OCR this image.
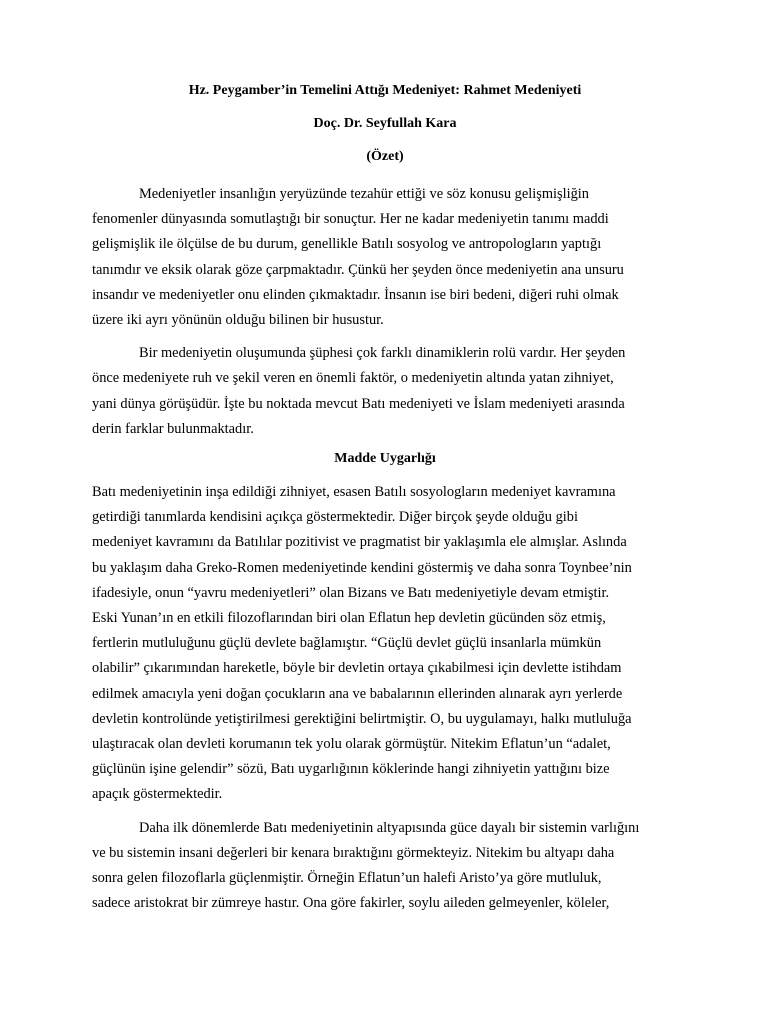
Hz. Peygamber’in Temelini Attığı Medeniyet: Rahmet Medeniyeti

Doç. Dr. Seyfullah Kara

(Özet)

Medeniyetler insanlığın yeryüzünde tezahür ettiği ve söz konusu gelişmişliğin
fenomenler dünyasında somutlaştığı bir sonuçtur. Her ne kadar medeniyetin tanımı maddi
gelişmişlik ile ölçülse de bu durum, genellikle Batılı sosyolog ve antropologların yaptığı
tanımdır ve eksik olarak göze çarpmaktadır. Çünkü her şeyden önce medeniyetin ana unsuru
insandır ve medeniyetler onu elinden çıkmaktadır. İnsanın ise biri bedeni, diğeri ruhi olmak
üzere iki ayrı yönünün olduğu bilinen bir husustur.

Bir medeniyetin oluşumunda şüphesi çok farklı dinamiklerin rolü vardır. Her şeyden
önce medeniyete ruh ve şekil veren en önemli faktör, o medeniyetin altında yatan zihniyet,
yani dünya görüşüdür. İşte bu noktada mevcut Batı medeniyeti ve İslam medeniyeti arasında
derin farklar bulunmaktadır.

Madde Uygarlığı

Batı medeniyetinin inşa edildiği zihniyet, esasen Batılı sosyologların medeniyet kavramına
getirdiği tanımlarda kendisini açıkça göstermektedir. Diğer birçok şeyde olduğu gibi
medeniyet kavramını da Batılılar pozitivist ve pragmatist bir yaklaşımla ele almışlar. Aslında
bu yaklaşım daha Greko-Romen medeniyetinde kendini göstermiş ve daha sonra Toynbee’nin
ifadesiyle, onun “yavru medeniyetleri” olan Bizans ve Batı medeniyetiyle devam etmiştir.
Eski Yunan’ın en etkili filozoflarından biri olan Eflatun hep devletin gücünden söz etmiş,
fertlerin mutluluğunu güçlü devlete bağlamıştır. “Güçlü devlet güçlü insanlarla mümkün
olabilir” çıkarımından hareketle, böyle bir devletin ortaya çıkabilmesi için devlette istihdam
edilmek amacıyla yeni doğan çocukların ana ve babalarının ellerinden alınarak ayrı yerlerde
devletin kontrolünde yetiştirilmesi gerektiğini belirtmiştir. O, bu uygulamayı, halkı mutluluğa
ulaştıracak olan devleti korumanın tek yolu olarak görmüştür. Nitekim Eflatun’un “adalet,
güçlünün işine gelendir” sözü, Batı uygarlığının köklerinde hangi zihniyetin yattığını bize
apaçık göstermektedir.

Daha ilk dönemlerde Batı medeniyetinin altyapısında güce dayalı bir sistemin varlığını
ve bu sistemin insani değerleri bir kenara bıraktığını görmekteyiz. Nitekim bu altyapı daha
sonra gelen filozoflarla güçlenmiştir. Örneğin Eflatun’un halefi Aristo’ya göre mutluluk,
sadece aristokrat bir zümreye hastır. Ona göre fakirler, soylu aileden gelmeyenler, köleler,
